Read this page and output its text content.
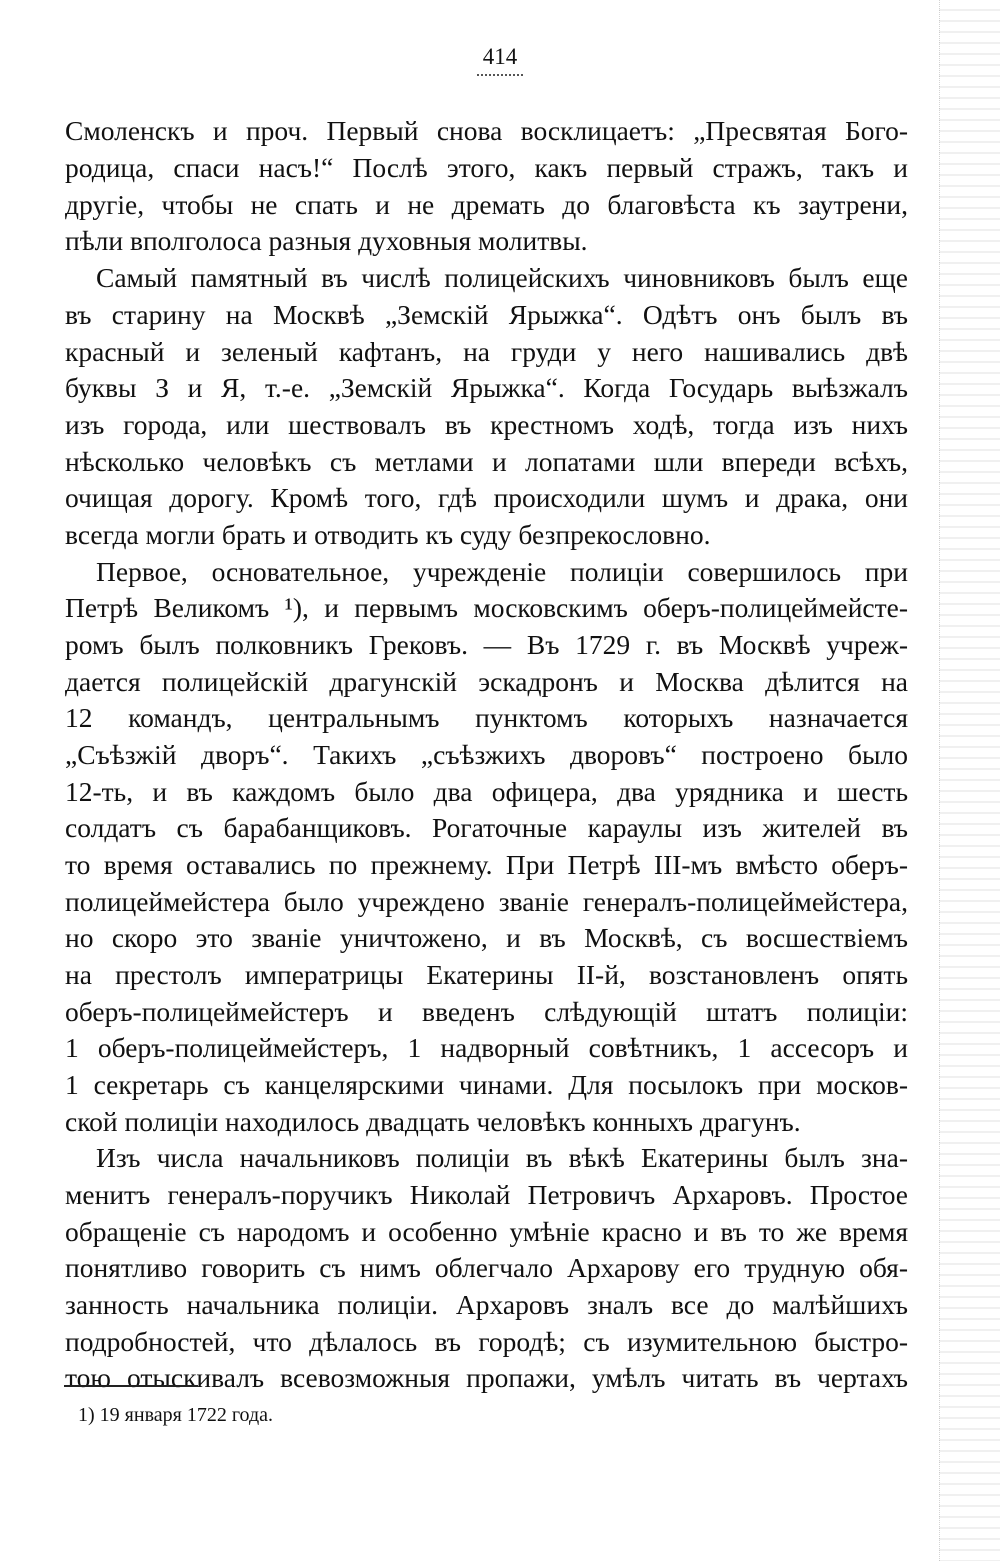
414
Смоленскъ и проч. Первый снова восклицаетъ: „Пресвятая Бого-
родица, спаси насъ!“ Послѣ этого, какъ первый стражъ, такъ и
другіе, чтобы не спать и не дремать до благовѣста къ заутрени,
пѣли вполголоса разныя духовныя молитвы.
Самый памятный въ числѣ полицейскихъ чиновниковъ былъ еще
въ старину на Москвѣ „Земскій Ярыжка“. Одѣтъ онъ былъ въ
красный и зеленый кафтанъ, на груди у него нашивались двѣ
буквы З и Я, т.-е. „Земскій Ярыжка“. Когда Государь выѣзжалъ
изъ города, или шествовалъ въ крестномъ ходѣ, тогда изъ нихъ
нѣсколько человѣкъ съ метлами и лопатами шли впереди всѣхъ,
очищая дорогу. Кромѣ того, гдѣ происходили шумъ и драка, они
всегда могли брать и отводить къ суду безпрекословно.
Первое, основательное, учрежденіе полиціи совершилось при
Петрѣ Великомъ ¹), и первымъ московскимъ оберъ-полицеймейсте-
ромъ былъ полковникъ Грековъ. — Въ 1729 г. въ Москвѣ учреж-
дается полицейскій драгунскій эскадронъ и Москва дѣлится на
12 командъ, центральнымъ пунктомъ которыхъ назначается
„Съѣзжій дворъ“. Такихъ „съѣзжихъ дворовъ“ построено было
12-ть, и въ каждомъ было два офицера, два урядника и шесть
солдатъ съ барабанщиковъ. Рогаточные караулы изъ жителей въ
то время оставались по прежнему. При Петрѣ III-мъ вмѣсто оберъ-
полицеймейстера было учреждено званіе генералъ-полицеймейстера,
но скоро это званіе уничтожено, и въ Москвѣ, съ восшествіемъ
на престолъ императрицы Екатерины II-й, возстановленъ опять
оберъ-полицеймейстеръ и введенъ слѣдующій штатъ полиціи:
1 оберъ-полицеймейстеръ, 1 надворный совѣтникъ, 1 ассесоръ и
1 секретарь съ канцелярскими чинами. Для посылокъ при москов-
ской полиціи находилось двадцать человѣкъ конныхъ драгунъ.
Изъ числа начальниковъ полиціи въ вѣкѣ Екатерины былъ зна-
менитъ генералъ-поручикъ Николай Петровичъ Архаровъ. Простое
обращеніе съ народомъ и особенно умѣніе красно и въ то же время
понятливо говорить съ нимъ облегчало Архарову его трудную обя-
занность начальника полиціи. Архаровъ зналъ все до малѣйшихъ
подробностей, что дѣлалось въ городѣ; съ изумительною быстро-
тою отыскивалъ всевозможныя пропажи, умѣлъ читать въ чертахъ
1) 19 января 1722 года.
